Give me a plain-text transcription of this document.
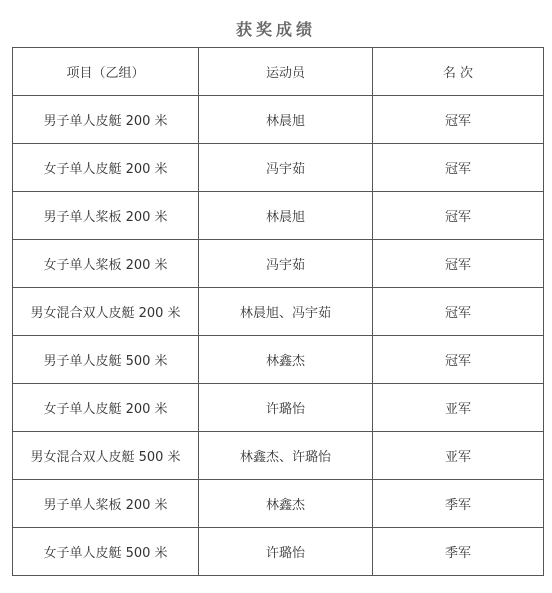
获奖成绩
项目（乙组）	运动员	名 次
男子单人皮艇 200 米	林晨旭	冠军
女子单人皮艇 200 米	冯宇茹	冠军
男子单人桨板 200 米	林晨旭	冠军
女子单人桨板 200 米	冯宇茹	冠军
男女混合双人皮艇 200 米	林晨旭、冯宇茹	冠军
男子单人皮艇 500 米	林鑫杰	冠军
女子单人皮艇 200 米	许璐怡	亚军
男女混合双人皮艇 500 米	林鑫杰、许璐怡	亚军
男子单人桨板 200 米	林鑫杰	季军
女子单人皮艇 500 米	许璐怡	季军
